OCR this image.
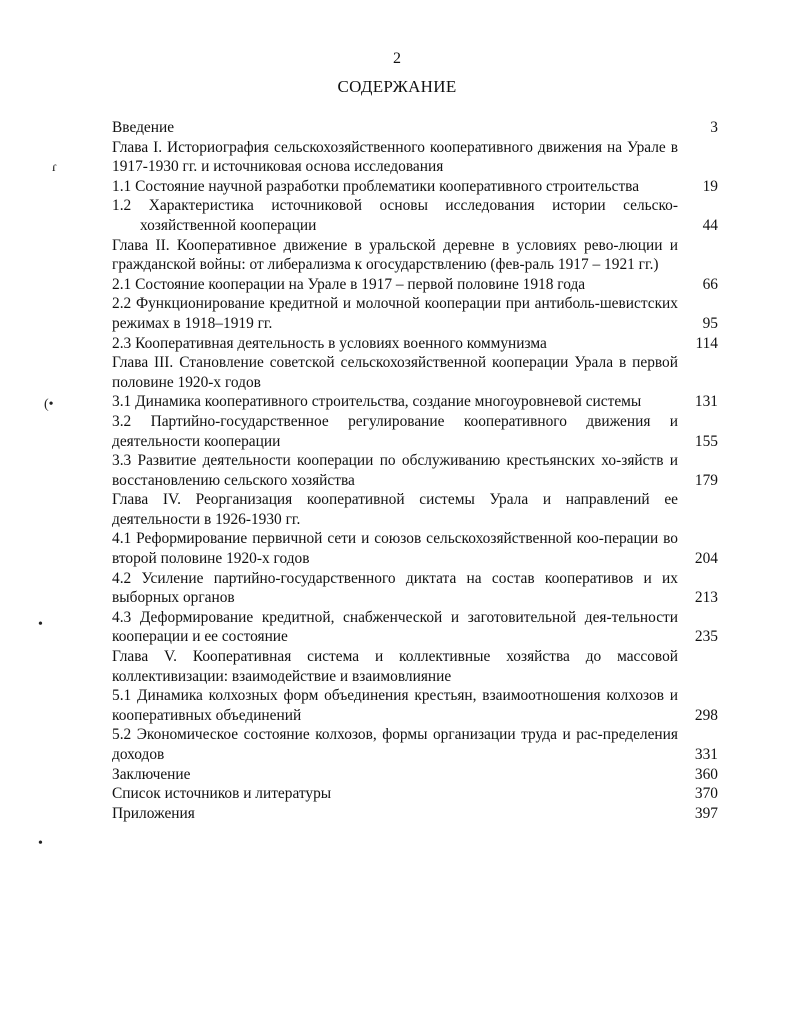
2
СОДЕРЖАНИЕ
Введение	3
Глава I. Историография сельскохозяйственного кооперативного движения на Урале в 1917-1930 гг. и источниковая основа исследования
1.1 Состояние научной разработки проблематики кооперативного строительства	19
1.2 Характеристика источниковой основы исследования истории сельско-хозяйственной кооперации	44
Глава II. Кооперативное движение в уральской деревне в условиях рево-люции и гражданской войны: от либерализма к огосударствлению (фев-раль 1917 – 1921 гг.)
2.1 Состояние кооперации на Урале в 1917 – первой половине 1918 года	66
2.2 Функционирование кредитной и молочной кооперации при антиболь-шевистских режимах в 1918–1919 гг.	95
2.3 Кооперативная деятельность в условиях военного коммунизма	114
Глава III. Становление советской сельскохозяйственной кооперации Урала в первой половине 1920-х годов
3.1 Динамика кооперативного строительства, создание многоуровневой системы	131
3.2 Партийно-государственное регулирование кооперативного движения и деятельности кооперации	155
3.3 Развитие деятельности кооперации по обслуживанию крестьянских хо-зяйств и восстановлению сельского хозяйства	179
Глава IV. Реорганизация кооперативной системы Урала и направлений ее деятельности в 1926-1930 гг.
4.1 Реформирование первичной сети и союзов сельскохозяйственной коо-перации во второй половине 1920-х годов	204
4.2 Усиление партийно-государственного диктата на состав кооперативов и их выборных органов	213
4.3 Деформирование кредитной, снабженческой и заготовительной дея-тельности кооперации и ее состояние	235
Глава V. Кооперативная система и коллективные хозяйства до массовой коллективизации: взаимодействие и взаимовлияние
5.1 Динамика колхозных форм объединения крестьян, взаимоотношения колхозов и кооперативных объединений	298
5.2 Экономическое состояние колхозов, формы организации труда и рас-пределения доходов	331
Заключение	360
Список источников и литературы	370
Приложения	397
ɾ
(•
•
•
